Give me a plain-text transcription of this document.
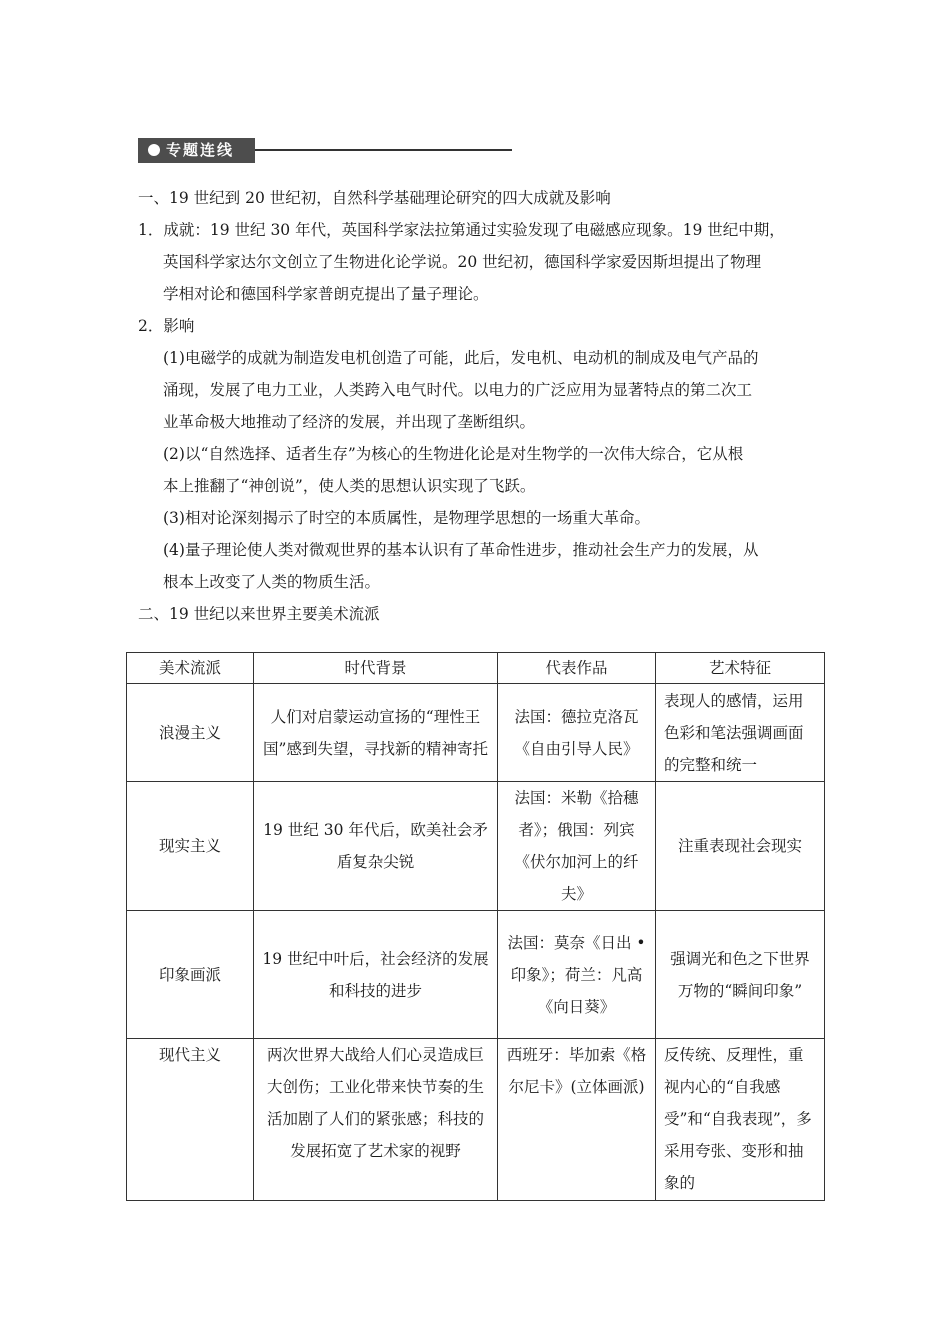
专题连线
一、19 世纪到 20 世纪初，自然科学基础理论研究的四大成就及影响
1．成就：19 世纪 30 年代，英国科学家法拉第通过实验发现了电磁感应现象。19 世纪中期，
英国科学家达尔文创立了生物进化论学说。20 世纪初，德国科学家爱因斯坦提出了物理
学相对论和德国科学家普朗克提出了量子理论。
2．影响
(1)电磁学的成就为制造发电机创造了可能，此后，发电机、电动机的制成及电气产品的
涌现，发展了电力工业，人类跨入电气时代。以电力的广泛应用为显著特点的第二次工
业革命极大地推动了经济的发展，并出现了垄断组织。
(2)以“自然选择、适者生存”为核心的生物进化论是对生物学的一次伟大综合，它从根
本上推翻了“神创说”，使人类的思想认识实现了飞跃。
(3)相对论深刻揭示了时空的本质属性，是物理学思想的一场重大革命。
(4)量子理论使人类对微观世界的基本认识有了革命性进步，推动社会生产力的发展，从
根本上改变了人类的物质生活。
二、19 世纪以来世界主要美术流派
美术流派	时代背景	代表作品	艺术特征
浪漫主义	人们对启蒙运动宣扬的“理性王国”感到失望，寻找新的精神寄托	法国：德拉克洛瓦《自由引导人民》	表现人的感情，运用色彩和笔法强调画面的完整和统一
现实主义	19 世纪 30 年代后，欧美社会矛盾复杂尖锐	法国：米勒《拾穗者》；俄国：列宾《伏尔加河上的纤夫》	注重表现社会现实
印象画派	19 世纪中叶后，社会经济的发展和科技的进步	法国：莫奈《日出 • 印象》；荷兰：凡高《向日葵》	强调光和色之下世界万物的“瞬间印象”
现代主义	两次世界大战给人们心灵造成巨大创伤；工业化带来快节奏的生活加剧了人们的紧张感；科技的发展拓宽了艺术家的视野	西班牙：毕加索《格尔尼卡》(立体画派)	反传统、反理性，重视内心的“自我感受”和“自我表现”，多采用夸张、变形和抽象的
